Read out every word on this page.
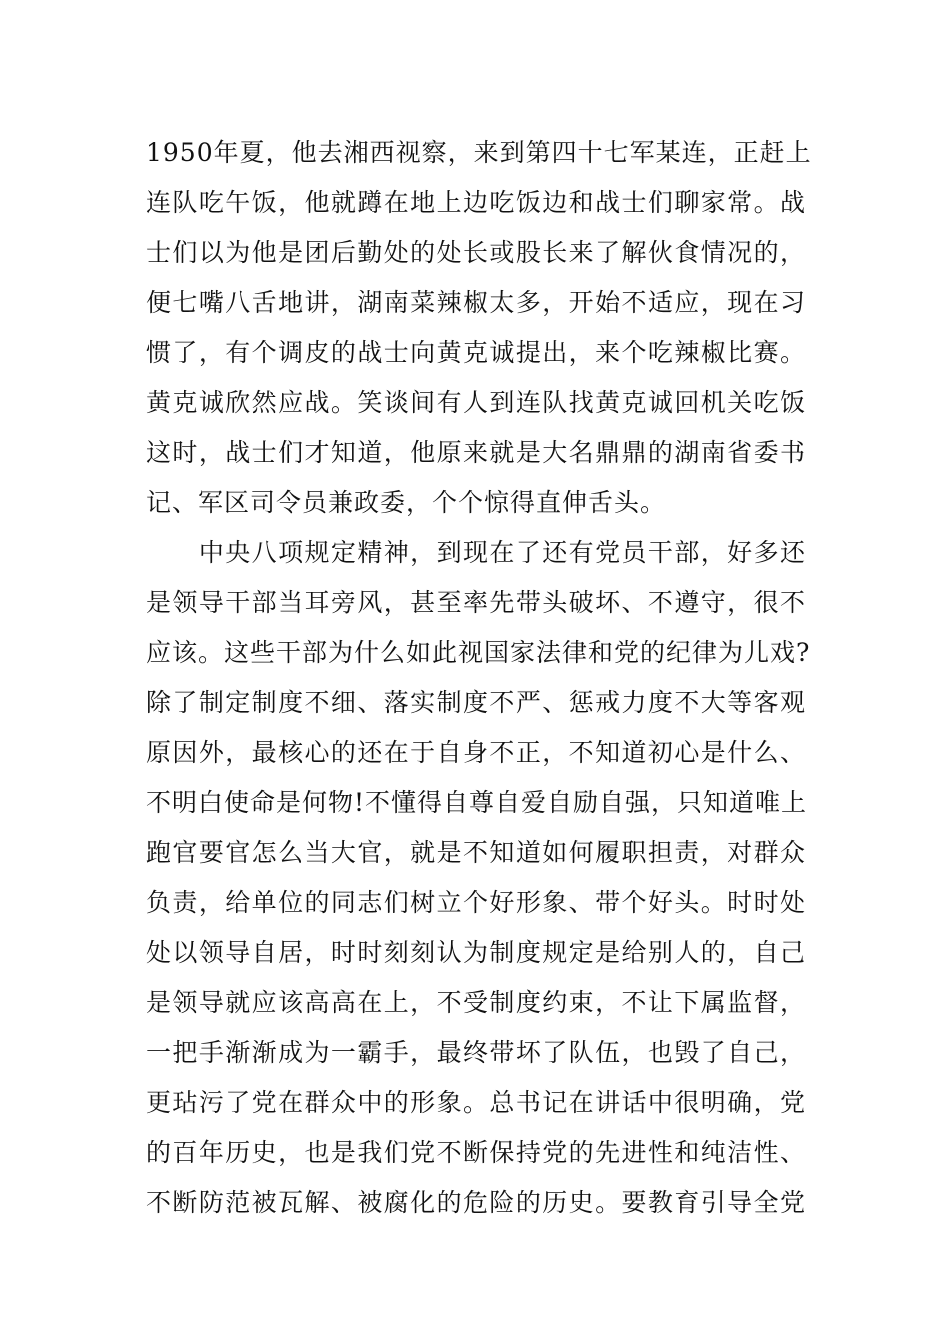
1950年夏，他去湘西视察，来到第四十七军某连，正赶上
连队吃午饭，他就蹲在地上边吃饭边和战士们聊家常。战
士们以为他是团后勤处的处长或股长来了解伙食情况的，
便七嘴八舌地讲，湖南菜辣椒太多，开始不适应，现在习
惯了，有个调皮的战士向黄克诚提出，来个吃辣椒比赛。
黄克诚欣然应战。笑谈间有人到连队找黄克诚回机关吃饭
这时，战士们才知道，他原来就是大名鼎鼎的湖南省委书
记、军区司令员兼政委，个个惊得直伸舌头。
　　中央八项规定精神，到现在了还有党员干部，好多还
是领导干部当耳旁风，甚至率先带头破坏、不遵守，很不
应该。这些干部为什么如此视国家法律和党的纪律为儿戏?
除了制定制度不细、落实制度不严、惩戒力度不大等客观
原因外，最核心的还在于自身不正，不知道初心是什么、
不明白使命是何物!不懂得自尊自爱自励自强，只知道唯上
跑官要官怎么当大官，就是不知道如何履职担责，对群众
负责，给单位的同志们树立个好形象、带个好头。时时处
处以领导自居，时时刻刻认为制度规定是给别人的，自己
是领导就应该高高在上，不受制度约束，不让下属监督，
一把手渐渐成为一霸手，最终带坏了队伍，也毁了自己，
更玷污了党在群众中的形象。总书记在讲话中很明确，党
的百年历史，也是我们党不断保持党的先进性和纯洁性、
不断防范被瓦解、被腐化的危险的历史。要教育引导全党
